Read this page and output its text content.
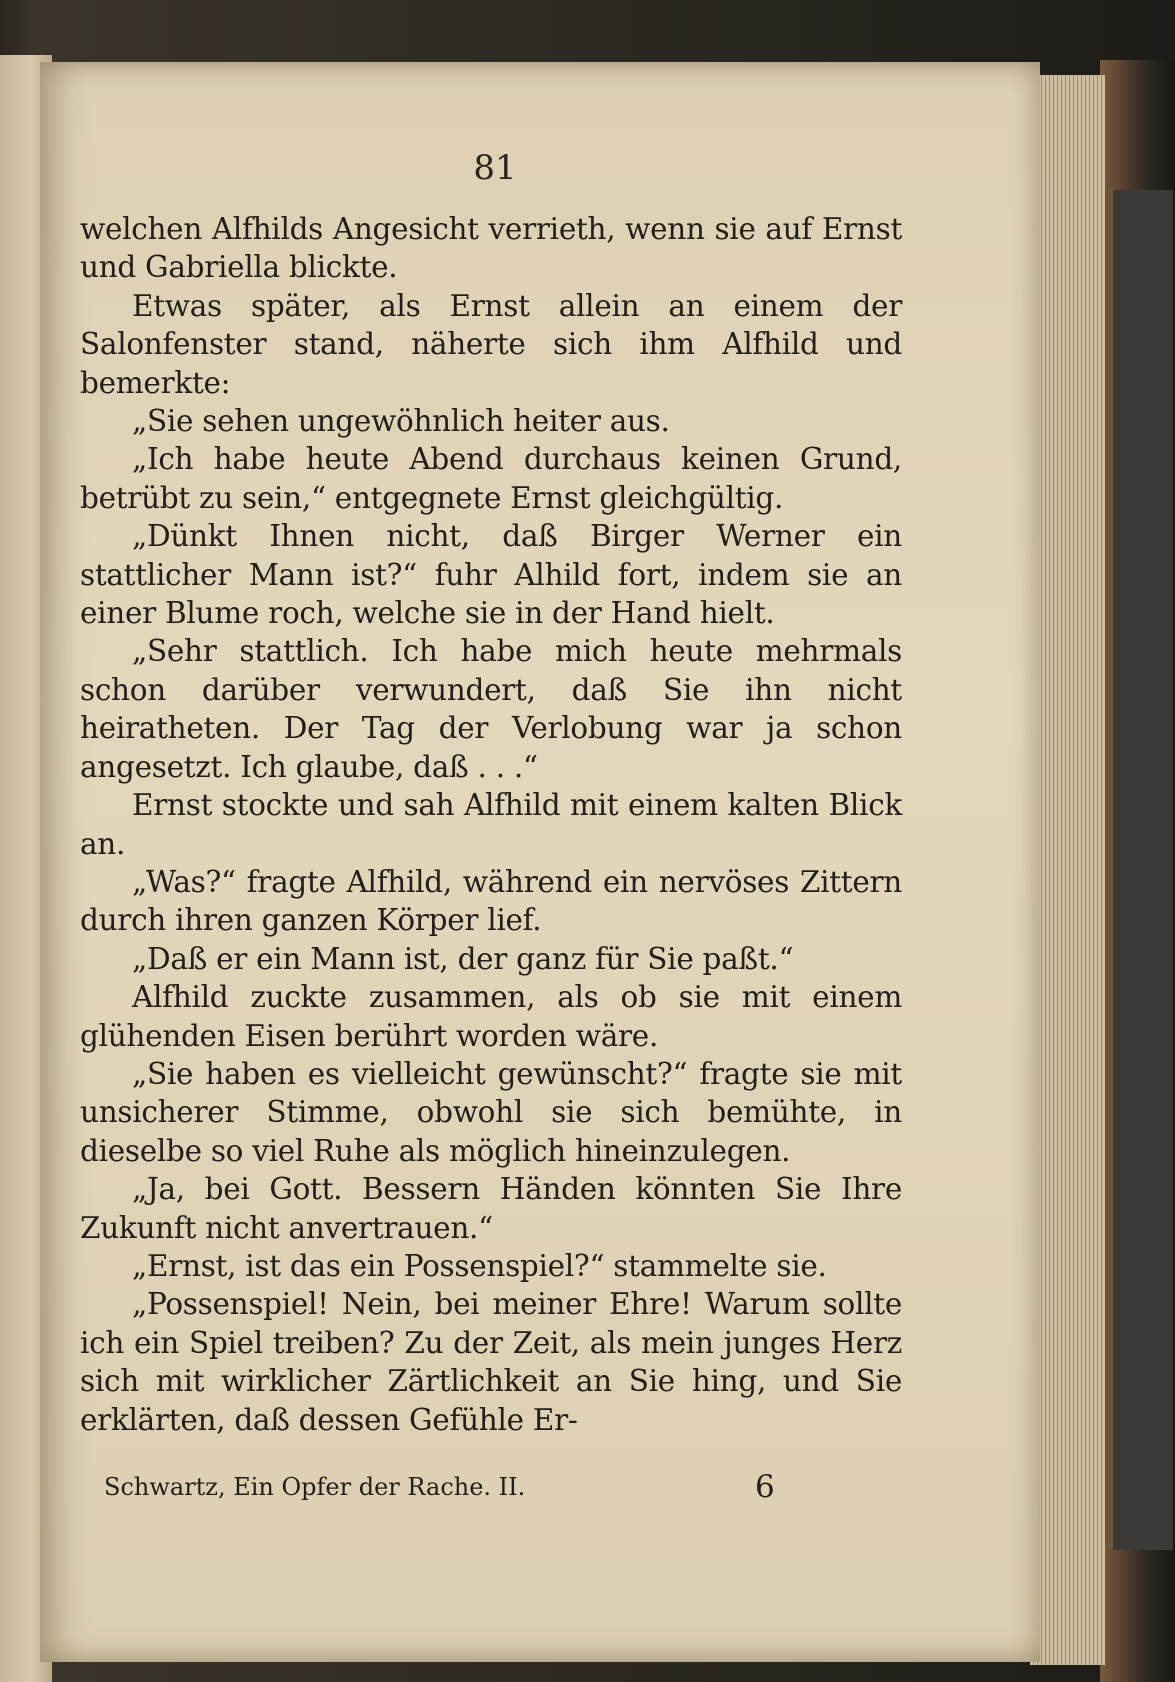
81

welchen Alfhilds Angesicht verrieth, wenn sie auf Ernst und Gabriella blickte.

Etwas später, als Ernst allein an einem der Salonfenster stand, näherte sich ihm Alfhild und bemerkte:

„Sie sehen ungewöhnlich heiter aus.

„Ich habe heute Abend durchaus keinen Grund, betrübt zu sein,“ entgegnete Ernst gleichgültig.

„Dünkt Ihnen nicht, daß Birger Werner ein stattlicher Mann ist?“ fuhr Alhild fort, indem sie an einer Blume roch, welche sie in der Hand hielt.

„Sehr stattlich. Ich habe mich heute mehrmals schon darüber verwundert, daß Sie ihn nicht heiratheten. Der Tag der Verlobung war ja schon angesetzt. Ich glaube, daß . . .“

Ernst stockte und sah Alfhild mit einem kalten Blick an.

„Was?“ fragte Alfhild, während ein nervöses Zittern durch ihren ganzen Körper lief.

„Daß er ein Mann ist, der ganz für Sie paßt.“

Alfhild zuckte zusammen, als ob sie mit einem glühenden Eisen berührt worden wäre.

„Sie haben es vielleicht gewünscht?“ fragte sie mit unsicherer Stimme, obwohl sie sich bemühte, in dieselbe so viel Ruhe als möglich hineinzulegen.

„Ja, bei Gott. Bessern Händen könnten Sie Ihre Zukunft nicht anvertrauen.“

„Ernst, ist das ein Possenspiel?“ stammelte sie.

„Possenspiel! Nein, bei meiner Ehre! Warum sollte ich ein Spiel treiben? Zu der Zeit, als mein junges Herz sich mit wirklicher Zärtlichkeit an Sie hing, und Sie erklärten, daß dessen Gefühle Er-

Schwartz, Ein Opfer der Rache. II.	6
